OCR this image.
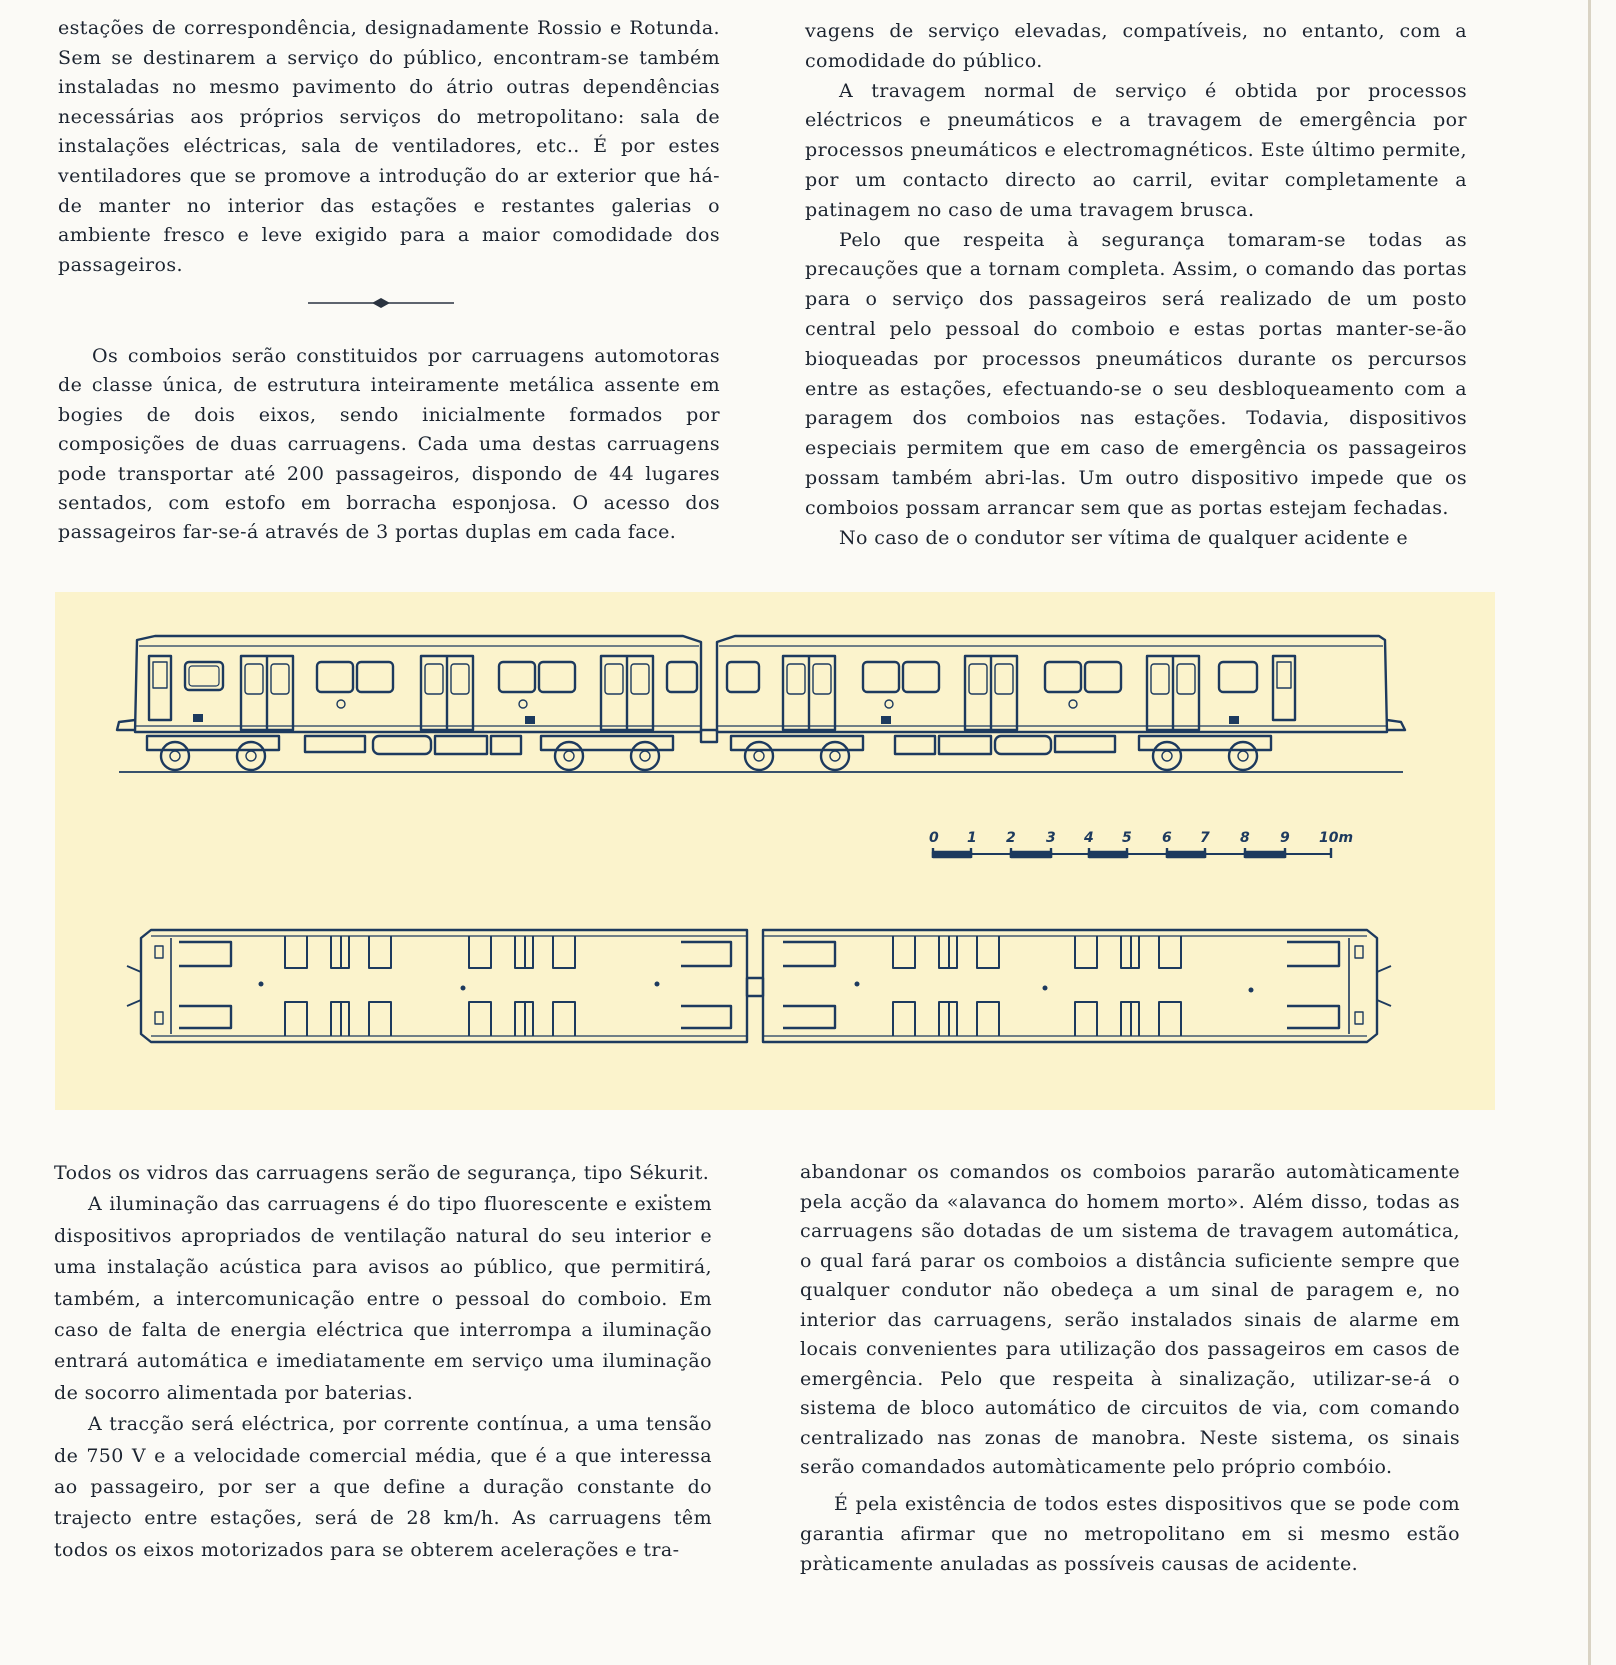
estações de correspondência, designadamente Rossio e Rotunda. Sem se destinarem a serviço do público, encontram-se também instaladas no mesmo pavimento do átrio outras dependências necessárias aos próprios serviços do metropolitano: sala de instalações eléctricas, sala de ventiladores, etc.. É por estes ventiladores que se promove a introdução do ar exterior que há-de manter no interior das estações e restantes galerias o ambiente fresco e leve exigido para a maior comodidade dos passageiros.

Os comboios serão constituidos por carruagens automotoras de classe única, de estrutura inteiramente metálica assente em bogies de dois eixos, sendo inicialmente formados por composições de duas carruagens. Cada uma destas carruagens pode transportar até 200 passageiros, dispondo de 44 lugares sentados, com estofo em borracha esponjosa. O acesso dos passageiros far-se-á através de 3 portas duplas em cada face.

vagens de serviço elevadas, compatíveis, no entanto, com a comodidade do público.

A travagem normal de serviço é obtida por processos eléctricos e pneumáticos e a travagem de emergência por processos pneumáticos e electromagnéticos. Este último permite, por um contacto directo ao carril, evitar completamente a patinagem no caso de uma travagem brusca.

Pelo que respeita à segurança tomaram-se todas as precauções que a tornam completa. Assim, o comando das portas para o serviço dos passageiros será realizado de um posto central pelo pessoal do comboio e estas portas manter-se-ão bioqueadas por processos pneumáticos durante os percursos entre as estações, efectuando-se o seu desbloqueamento com a paragem dos comboios nas estações. Todavia, dispositivos especiais permitem que em caso de emergência os passageiros possam também abri-las. Um outro dispositivo impede que os comboios possam arrancar sem que as portas estejam fechadas.

No caso de o condutor ser vítima de qualquer acidente e

0 1 2 3 4 5 6 7 8 9 10m

Todos os vidros das carruagens serão de segurança, tipo Sékurit.

A iluminação das carruagens é do tipo fluorescente e existem dispositivos apropriados de ventilação natural do seu interior e uma instalação acústica para avisos ao público, que permitirá, também, a intercomunicação entre o pessoal do comboio. Em caso de falta de energia eléctrica que interrompa a iluminação entrará automática e imediatamente em serviço uma iluminação de socorro alimentada por baterias.

A tracção será eléctrica, por corrente contínua, a uma tensão de 750 V e a velocidade comercial média, que é a que interessa ao passageiro, por ser a que define a duração constante do trajecto entre estações, será de 28 km/h. As carruagens têm todos os eixos motorizados para se obterem acelerações e tra-

abandonar os comandos os comboios pararão automàticamente pela acção da «alavanca do homem morto». Além disso, todas as carruagens são dotadas de um sistema de travagem automática, o qual fará parar os comboios a distância suficiente sempre que qualquer condutor não obedeça a um sinal de paragem e, no interior das carruagens, serão instalados sinais de alarme em locais convenientes para utilização dos passageiros em casos de emergência. Pelo que respeita à sinalização, utilizar-se-á o sistema de bloco automático de circuitos de via, com comando centralizado nas zonas de manobra. Neste sistema, os sinais serão comandados automàticamente pelo próprio combóio.

É pela existência de todos estes dispositivos que se pode com garantia afirmar que no metropolitano em si mesmo estão pràticamente anuladas as possíveis causas de acidente.
